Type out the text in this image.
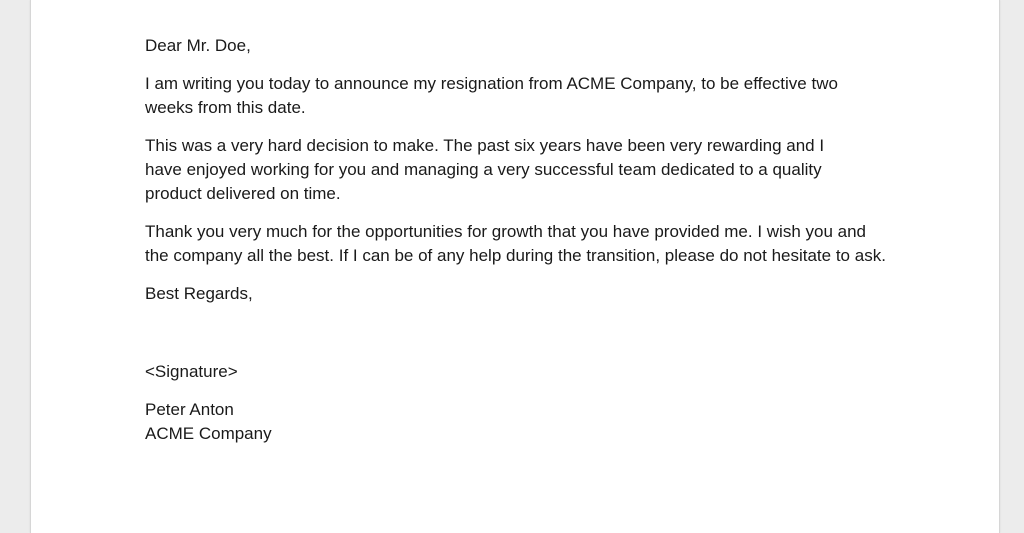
Dear Mr. Doe,

I am writing you today to announce my resignation from ACME Company, to be effective two weeks from this date.

This was a very hard decision to make. The past six years have been very rewarding and I have enjoyed working for you and managing a very successful team dedicated to a quality product delivered on time.

Thank you very much for the opportunities for growth that you have provided me. I wish you and the company all the best. If I can be of any help during the transition, please do not hesitate to ask.

Best Regards,

<Signature>

Peter Anton
ACME Company
